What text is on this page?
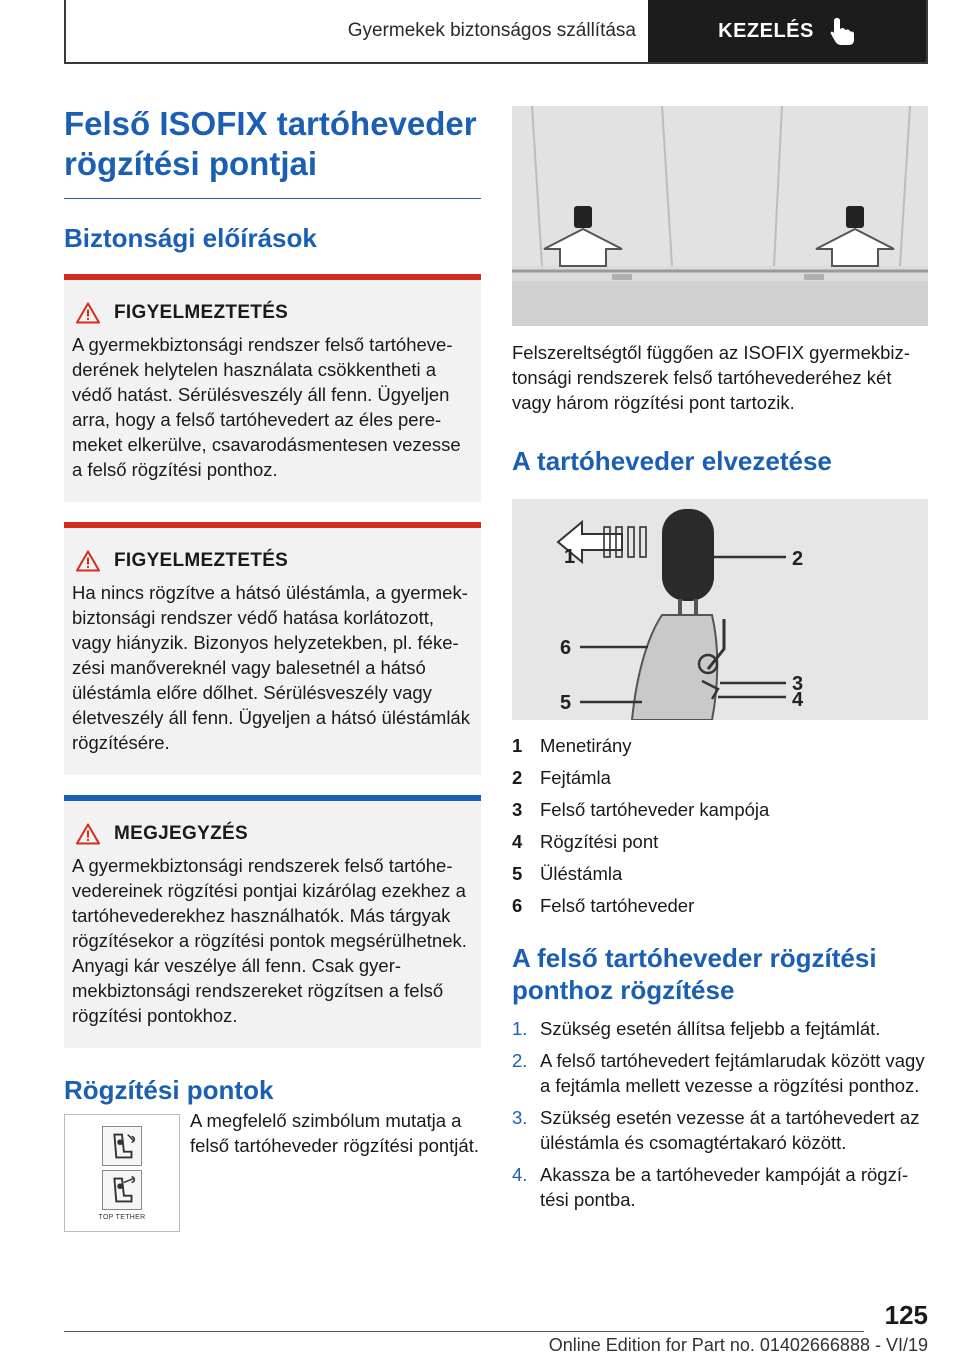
Gyermekek biztonságos szállítása	KEZELÉS
Felső ISOFIX tartóheveder rögzítési pontjai
Biztonsági előírások
FIGYELMEZTETÉS

A gyermekbiztonsági rendszer felső tartóhevederének helytelen használata csökkentheti a védő hatást. Sérülésveszély áll fenn. Ügyeljen arra, hogy a felső tartóhevedert az éles peremeket elkerülve, csavarodásmentesen vezesse a felső rögzítési ponthoz.

FIGYELMEZTETÉS

Ha nincs rögzítve a hátsó üléstámla, a gyermekbiztonsági rendszer védő hatása korlátozott, vagy hiányzik. Bizonyos helyzetekben, pl. fékezési manővereknél vagy balesetnél a hátsó üléstámla előre dőlhet. Sérülésveszély vagy életveszély áll fenn. Ügyeljen a hátsó üléstámlák rögzítésére.

MEGJEGYZÉS

A gyermekbiztonsági rendszerek felső tartóhevedereinek rögzítési pontjai kizárólag ezekhez a tartóhevederekhez használhatók. Más tárgyak rögzítésekor a rögzítési pontok megsérülhetnek. Anyagi kár veszélye áll fenn. Csak gyermekbiztonsági rendszereket rögzítsen a felső rögzítési pontokhoz.

Rögzítési pontok
TOP TETHER

A megfelelő szimbólum mutatja a felső tartóheveder rögzítési pontját.

Felszereltségtől függően az ISOFIX gyermekbiztonsági rendszerek felső tartóhevederéhez két vagy három rögzítési pont tartozik.

A tartóheveder elvezetése
1	2
3
4
5
6
1 Menetirány
2 Fejtámla
3 Felső tartóheveder kampója
4 Rögzítési pont
5 Üléstámla
6 Felső tartóheveder
A felső tartóheveder rögzítési ponthoz rögzítése
1. Szükség esetén állítsa feljebb a fejtámlát.
2. A felső tartóhevedert fejtámlarudak között vagy a fejtámla mellett vezesse a rögzítési ponthoz.
3. Szükség esetén vezesse át a tartóhevedert az üléstámla és csomagtértakaró között.
4. Akassza be a tartóheveder kampóját a rögzítési pontba.
125
Online Edition for Part no. 01402666888 - VI/19
